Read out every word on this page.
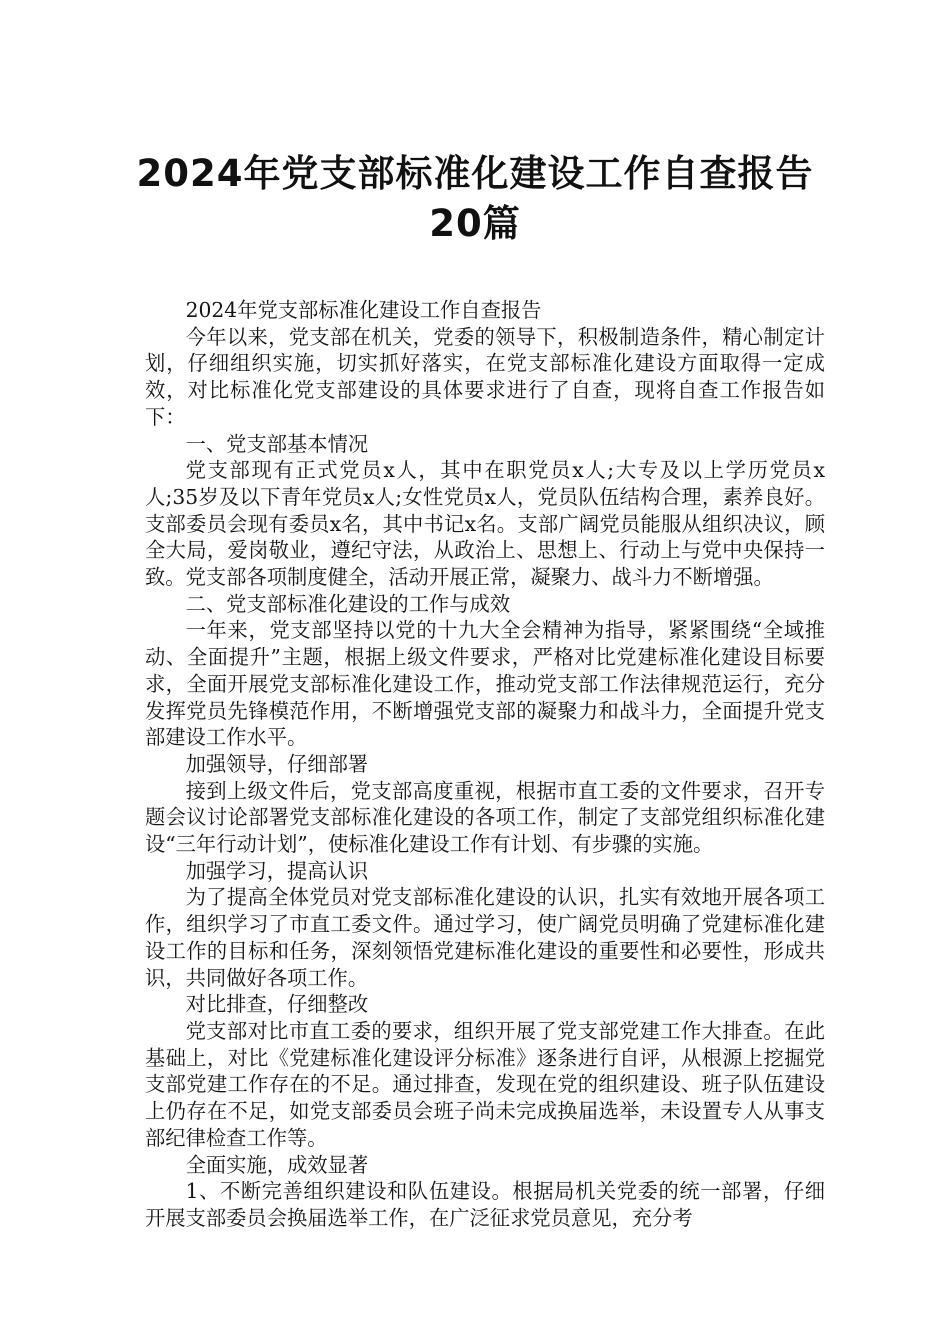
2024年党支部标准化建设工作自查报告
20篇

2024年党支部标准化建设工作自查报告

今年以来，党支部在机关，党委的领导下，积极制造条件，精心制定计划，仔细组织实施，切实抓好落实，在党支部标准化建设方面取得一定成效，对比标准化党支部建设的具体要求进行了自查，现将自查工作报告如下：

一、党支部基本情况

党支部现有正式党员x人，其中在职党员x人;大专及以上学历党员x人;35岁及以下青年党员x人;女性党员x人，党员队伍结构合理，素养良好。支部委员会现有委员x名，其中书记x名。支部广阔党员能服从组织决议，顾全大局，爱岗敬业，遵纪守法，从政治上、思想上、行动上与党中央保持一致。党支部各项制度健全，活动开展正常，凝聚力、战斗力不断增强。

二、党支部标准化建设的工作与成效

一年来，党支部坚持以党的十九大全会精神为指导，紧紧围绕“全域推动、全面提升”主题，根据上级文件要求，严格对比党建标准化建设目标要求，全面开展党支部标准化建设工作，推动党支部工作法律规范运行，充分发挥党员先锋模范作用，不断增强党支部的凝聚力和战斗力，全面提升党支部建设工作水平。

加强领导，仔细部署

接到上级文件后，党支部高度重视，根据市直工委的文件要求，召开专题会议讨论部署党支部标准化建设的各项工作，制定了支部党组织标准化建设“三年行动计划”，使标准化建设工作有计划、有步骤的实施。

加强学习，提高认识

为了提高全体党员对党支部标准化建设的认识，扎实有效地开展各项工作，组织学习了市直工委文件。通过学习，使广阔党员明确了党建标准化建设工作的目标和任务，深刻领悟党建标准化建设的重要性和必要性，形成共识，共同做好各项工作。

对比排查，仔细整改

党支部对比市直工委的要求，组织开展了党支部党建工作大排查。在此基础上，对比《党建标准化建设评分标准》逐条进行自评，从根源上挖掘党支部党建工作存在的不足。通过排查，发现在党的组织建设、班子队伍建设上仍存在不足，如党支部委员会班子尚未完成换届选举，未设置专人从事支部纪律检查工作等。

全面实施，成效显著

1、不断完善组织建设和队伍建设。根据局机关党委的统一部署，仔细开展支部委员会换届选举工作，在广泛征求党员意见，充分考
